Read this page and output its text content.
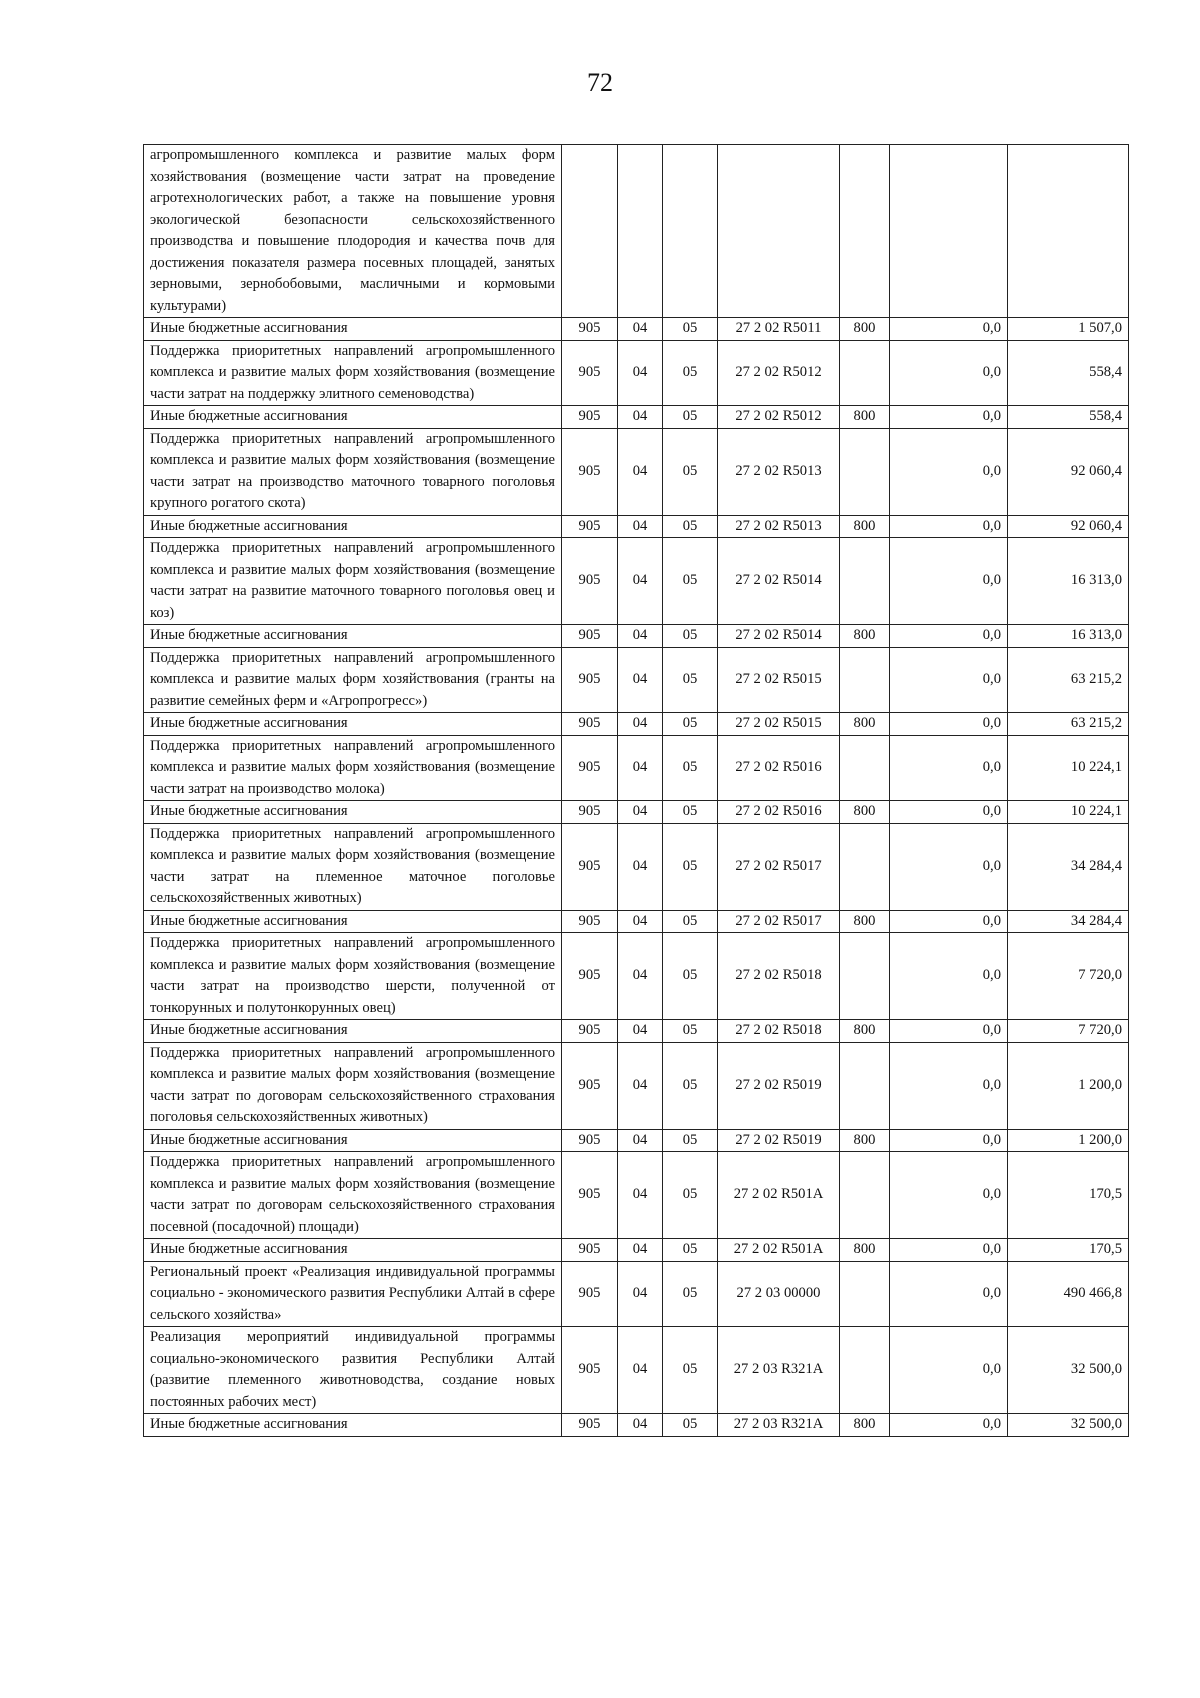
72
агропромышленного комплекса и развитие малых форм хозяйствования (возмещение части затрат на проведение агротехнологических работ, а также на повышение уровня экологической безопасности сельскохозяйственного производства и повышение плодородия и качества почв для достижения показателя размера посевных площадей, занятых зерновыми, зернобобовыми, масличными и кормовыми культурами)							
Иные бюджетные ассигнования	905	04	05	27 2 02 R5011	800	0,0	1 507,0
Поддержка приоритетных направлений агропромышленного комплекса и развитие малых форм хозяйствования (возмещение части затрат на поддержку элитного семеноводства)	905	04	05	27 2 02 R5012		0,0	558,4
Иные бюджетные ассигнования	905	04	05	27 2 02 R5012	800	0,0	558,4
Поддержка приоритетных направлений агропромышленного комплекса и развитие малых форм хозяйствования (возмещение части затрат на производство маточного товарного поголовья крупного рогатого скота)	905	04	05	27 2 02 R5013		0,0	92 060,4
Иные бюджетные ассигнования	905	04	05	27 2 02 R5013	800	0,0	92 060,4
Поддержка приоритетных направлений агропромышленного комплекса и развитие малых форм хозяйствования (возмещение части затрат на развитие маточного товарного поголовья овец и коз)	905	04	05	27 2 02 R5014		0,0	16 313,0
Иные бюджетные ассигнования	905	04	05	27 2 02 R5014	800	0,0	16 313,0
Поддержка приоритетных направлений агропромышленного комплекса и развитие малых форм хозяйствования (гранты на развитие семейных ферм и «Агропрогресс»)	905	04	05	27 2 02 R5015		0,0	63 215,2
Иные бюджетные ассигнования	905	04	05	27 2 02 R5015	800	0,0	63 215,2
Поддержка приоритетных направлений агропромышленного комплекса и развитие малых форм хозяйствования (возмещение части затрат на производство молока)	905	04	05	27 2 02 R5016		0,0	10 224,1
Иные бюджетные ассигнования	905	04	05	27 2 02 R5016	800	0,0	10 224,1
Поддержка приоритетных направлений агропромышленного комплекса и развитие малых форм хозяйствования (возмещение части затрат на племенное маточное поголовье сельскохозяйственных животных)	905	04	05	27 2 02 R5017		0,0	34 284,4
Иные бюджетные ассигнования	905	04	05	27 2 02 R5017	800	0,0	34 284,4
Поддержка приоритетных направлений агропромышленного комплекса и развитие малых форм хозяйствования (возмещение части затрат на производство шерсти, полученной от тонкорунных и полутонкорунных овец)	905	04	05	27 2 02 R5018		0,0	7 720,0
Иные бюджетные ассигнования	905	04	05	27 2 02 R5018	800	0,0	7 720,0
Поддержка приоритетных направлений агропромышленного комплекса и развитие малых форм хозяйствования (возмещение части затрат по договорам сельскохозяйственного страхования поголовья сельскохозяйственных животных)	905	04	05	27 2 02 R5019		0,0	1 200,0
Иные бюджетные ассигнования	905	04	05	27 2 02 R5019	800	0,0	1 200,0
Поддержка приоритетных направлений агропромышленного комплекса и развитие малых форм хозяйствования (возмещение части затрат по договорам сельскохозяйственного страхования посевной (посадочной) площади)	905	04	05	27 2 02 R501A		0,0	170,5
Иные бюджетные ассигнования	905	04	05	27 2 02 R501A	800	0,0	170,5
Региональный проект «Реализация индивидуальной программы социально - экономического развития Республики Алтай в сфере сельского хозяйства»	905	04	05	27 2 03 00000		0,0	490 466,8
Реализация мероприятий индивидуальной программы социально-экономического развития Республики Алтай (развитие племенного животноводства, создание новых постоянных рабочих мест)	905	04	05	27 2 03 R321A		0,0	32 500,0
Иные бюджетные ассигнования	905	04	05	27 2 03 R321A	800	0,0	32 500,0
